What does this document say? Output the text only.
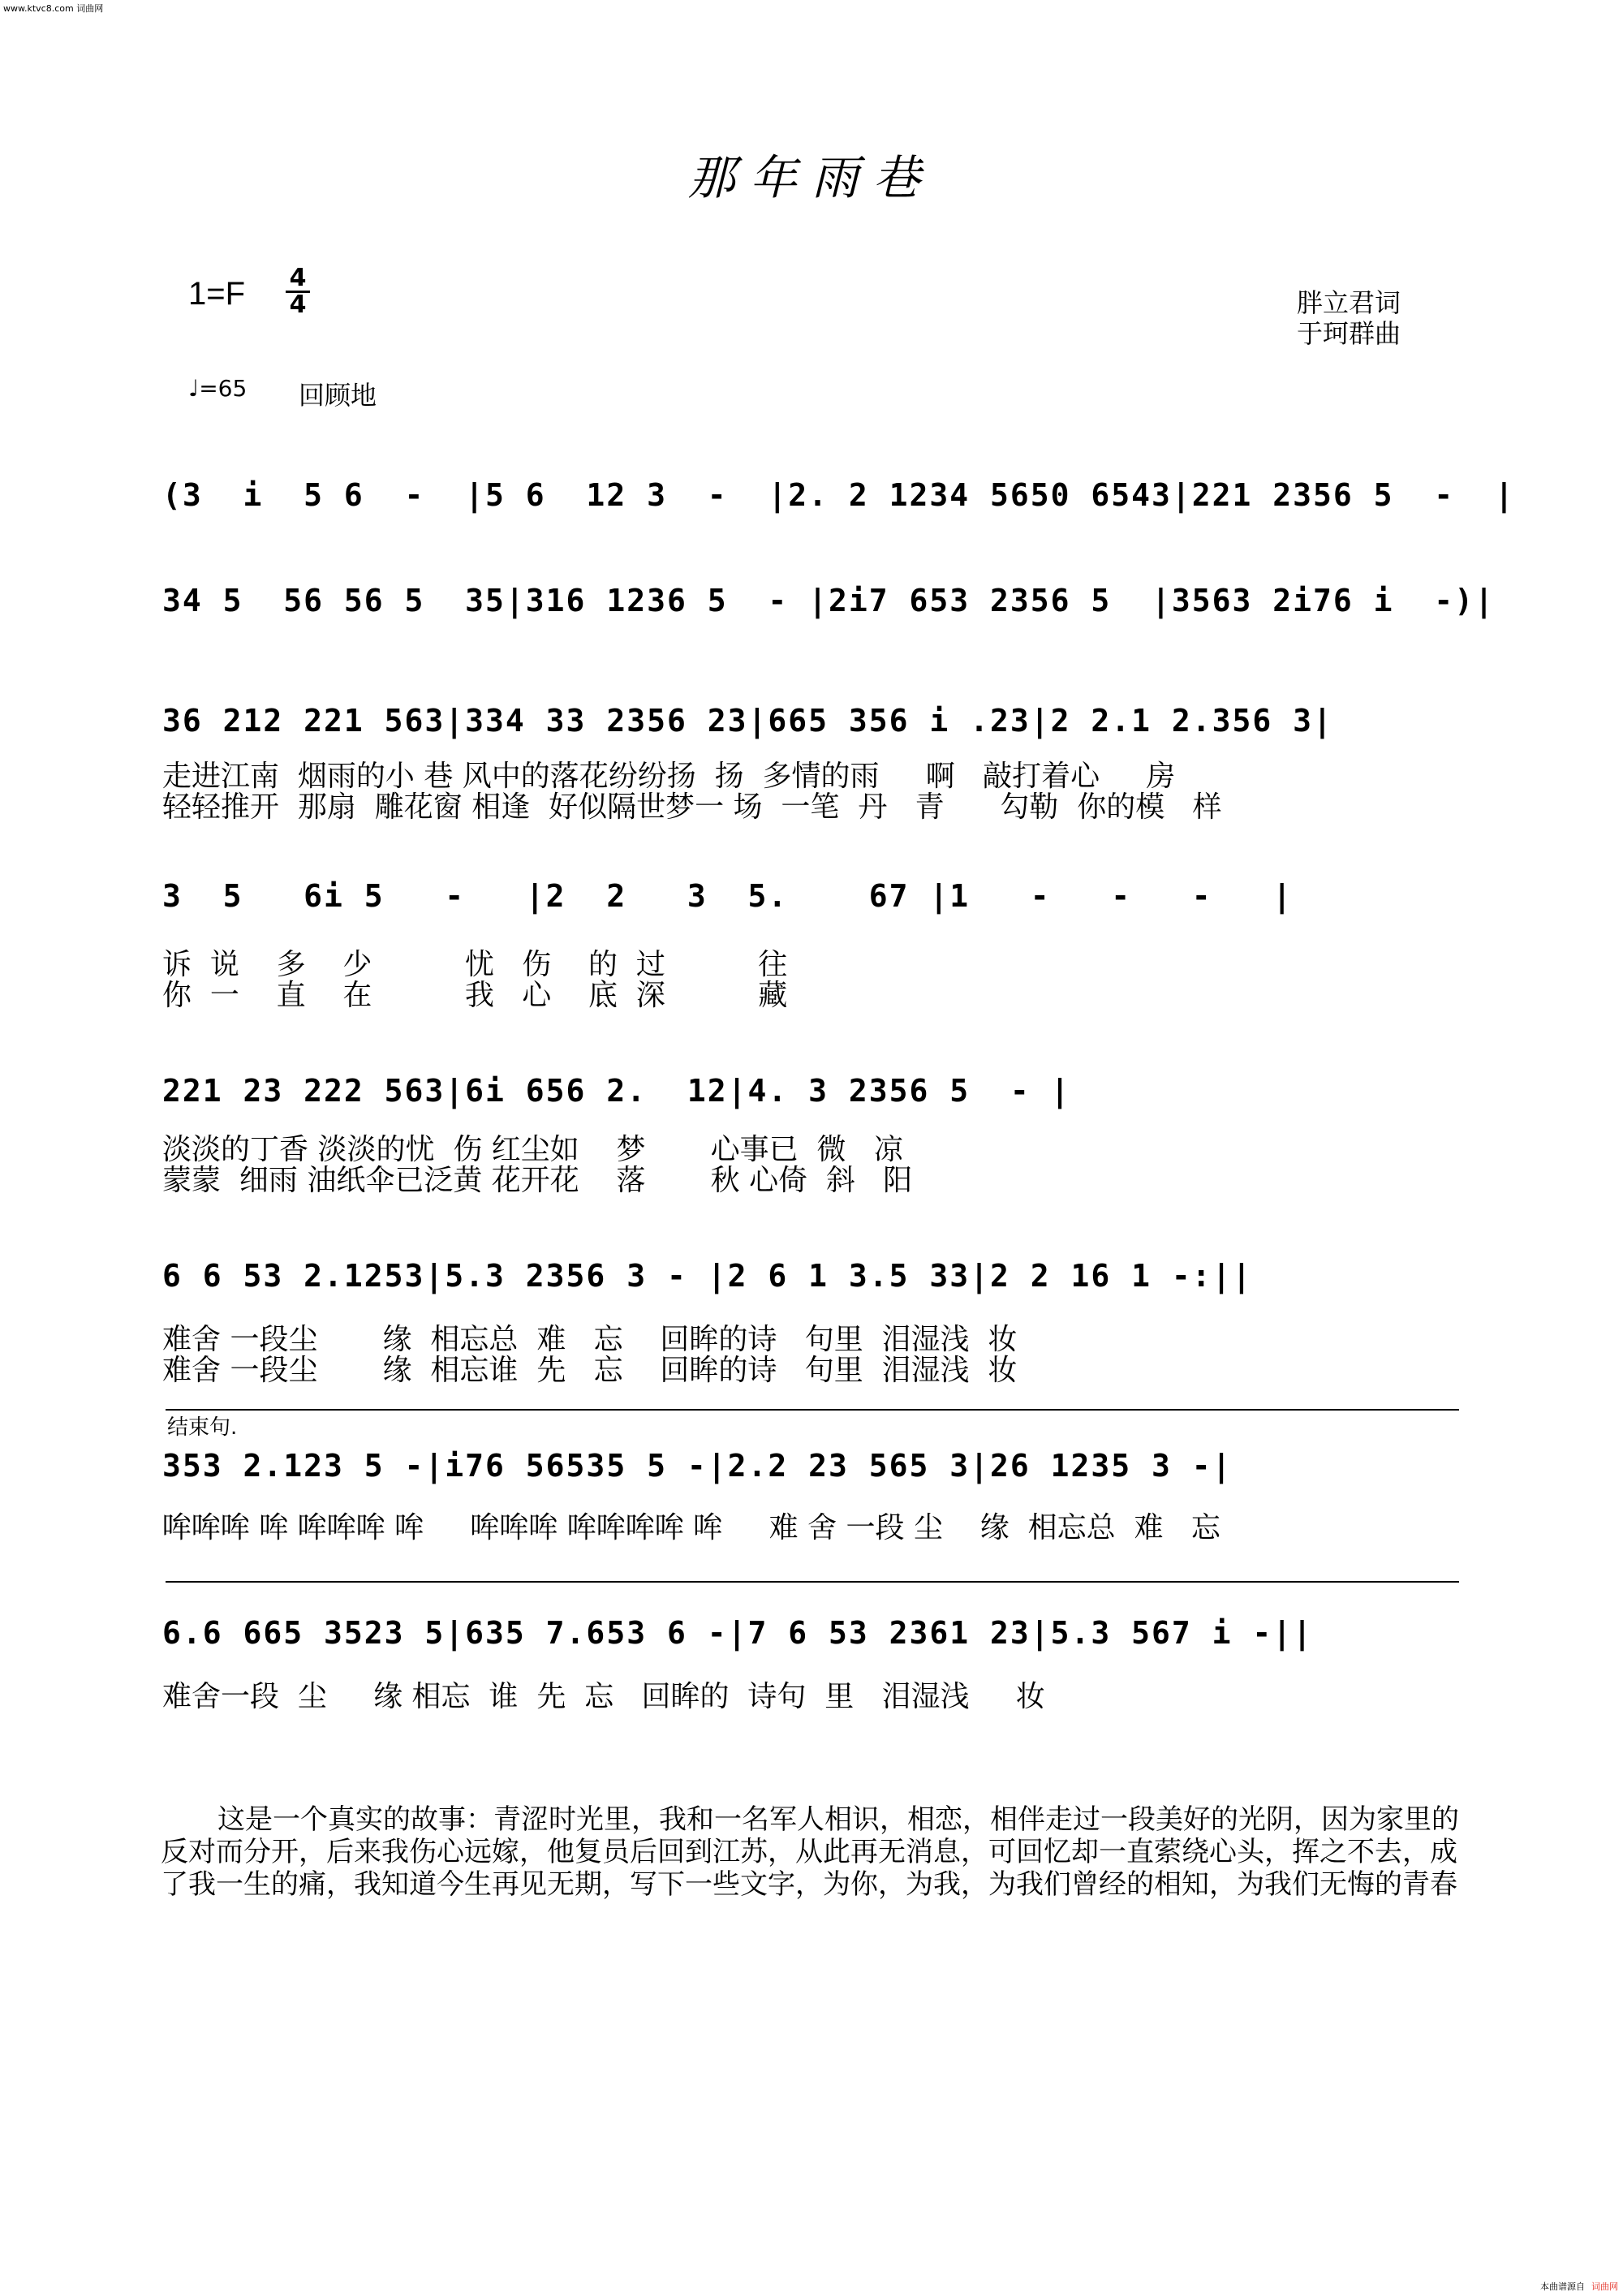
www.ktvc8.com 词曲网
那年雨巷
1=F 4
4	胖立君词
于珂群曲
♩=65 回顾地
(3  i  5 6  -  |5 6  12 3  -  |2. 2 1234 5650 6543|221 2356 5  -  |
34 5  56 56 5  35|316 1236 5  - |2i7 653 2356 5  |3563 2i76 i  -)|
36 212 221 563|334 33 2356 23|665 356 i .23|2 2.1 2.356 3|
走进江南  烟雨的小 巷 风中的落花纷纷扬  扬  多情的雨     啊   敲打着心     房
轻轻推开  那扇  雕花窗 相逢  好似隔世梦一 场  一笔  丹   青      勾勒  你的模   样
3  5   6i 5   -   |2  2   3  5.    67 |1   -   -   -   |
诉  说    多    少          忧   伤    的  过          往
你  一    直    在          我   心    底  深          藏
221 23 222 563|6i 656 2.  12|4. 3 2356 5  - |
淡淡的丁香 淡淡的忧  伤 红尘如    梦       心事已  微   凉
蒙蒙  细雨 油纸伞已泛黄 花开花    落       秋 心倚  斜   阳
6 6 53 2.1253|5.3 2356 3 - |2 6 1 3.5 33|2 2 16 1 -:||
难舍 一段尘       缘  相忘总  难   忘    回眸的诗   句里  泪湿浅  妆
难舍 一段尘       缘  相忘谁  先   忘    回眸的诗   句里  泪湿浅  妆
结束句.
353 2.123 5 -|i76 56535 5 -|2.2 23 565 3|26 1235 3 -|
哞哞哞 哞 哞哞哞 哞     哞哞哞 哞哞哞哞 哞     难 舍 一段 尘    缘  相忘总  难   忘
6.6 665 3523 5|635 7.653 6 -|7 6 53 2361 23|5.3 567 i -||
难舍一段  尘     缘 相忘  谁  先  忘   回眸的  诗句  里   泪湿浅     妆
这是一个真实的故事：青涩时光里，我和一名军人相识，相恋，相伴走过一段美好的光阴，因为家里的反对而分开，后来我伤心远嫁，他复员后回到江苏，从此再无消息，可回忆却一直萦绕心头，挥之不去，成了我一生的痛，我知道今生再见无期，写下一些文字，为你，为我，为我们曾经的相知，为我们无悔的青春
本曲谱源自 词曲网
